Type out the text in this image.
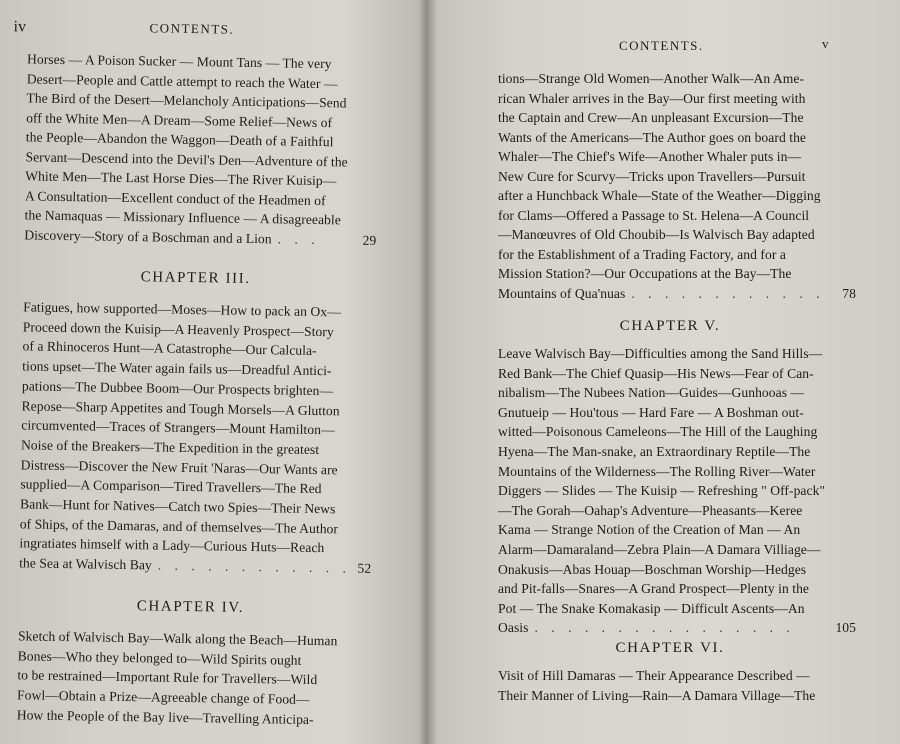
iv	CONTENTS.
Horses — A Poison Sucker — Mount Tans — The very
Desert—People and Cattle attempt to reach the Water —
The Bird of the Desert—Melancholy Anticipations—Send
off the White Men—A Dream—Some Relief—News of
the People—Abandon the Waggon—Death of a Faithful
Servant—Descend into the Devil's Den—Adventure of the
White Men—The Last Horse Dies—The River Kuisip—
A Consultation—Excellent conduct of the Headmen of
the Namaquas — Missionary Influence — A disagreeable
Discovery—Story of a Boschman and a Lion . . .	29
CHAPTER III.
Fatigues, how supported—Moses—How to pack an Ox—
Proceed down the Kuisip—A Heavenly Prospect—Story
of a Rhinoceros Hunt—A Catastrophe—Our Calcula-
tions upset—The Water again fails us—Dreadful Antici-
pations—The Dubbee Boom—Our Prospects brighten—
Repose—Sharp Appetites and Tough Morsels—A Glutton
circumvented—Traces of Strangers—Mount Hamilton—
Noise of the Breakers—The Expedition in the greatest
Distress—Discover the New Fruit 'Naras—Our Wants are
supplied—A Comparison—Tired Travellers—The Red
Bank—Hunt for Natives—Catch two Spies—Their News
of Ships, of the Damaras, and of themselves—The Author
ingratiates himself with a Lady—Curious Huts—Reach
the Sea at Walvisch Bay . . . . . . . . . . . . 52
CHAPTER IV.
Sketch of Walvisch Bay—Walk along the Beach—Human
Bones—Who they belonged to—Wild Spirits ought
to be restrained—Important Rule for Travellers—Wild
Fowl—Obtain a Prize—Agreeable change of Food—
How the People of the Bay live—Travelling Anticipa-
CONTENTS.	v
tions—Strange Old Women—Another Walk—An Ame-
rican Whaler arrives in the Bay—Our first meeting with
the Captain and Crew—An unpleasant Excursion—The
Wants of the Americans—The Author goes on board the
Whaler—The Chief's Wife—Another Whaler puts in—
New Cure for Scurvy—Tricks upon Travellers—Pursuit
after a Hunchback Whale—State of the Weather—Digging
for Clams—Offered a Passage to St. Helena—A Council
—Manœuvres of Old Choubib—Is Walvisch Bay adapted
for the Establishment of a Trading Factory, and for a
Mission Station?—Our Occupations at the Bay—The
Mountains of Qua'nuas . . . . . . . . . . . .	78
CHAPTER V.
Leave Walvisch Bay—Difficulties among the Sand Hills—
Red Bank—The Chief Quasip—His News—Fear of Can-
nibalism—The Nubees Nation—Guides—Gunhooas —
Gnutueip — Hou'tous — Hard Fare — A Boshman out-
witted—Poisonous Cameleons—The Hill of the Laughing
Hyena—The Man-snake, an Extraordinary Reptile—The
Mountains of the Wilderness—The Rolling River—Water
Diggers — Slides — The Kuisip — Refreshing " Off-pack"
—The Gorah—Oahap's Adventure—Pheasants—Keree
Kama — Strange Notion of the Creation of Man — An
Alarm—Damaraland—Zebra Plain—A Damara Villiage—
Onakusis—Abas Houap—Boschman Worship—Hedges
and Pit-falls—Snares—A Grand Prospect—Plenty in the
Pot — The Snake Komakasip — Difficult Ascents—An
Oasis . . . . . . . . . . . . . . . .	105
CHAPTER VI.
Visit of Hill Damaras — Their Appearance Described —
Their Manner of Living—Rain—A Damara Village—The
